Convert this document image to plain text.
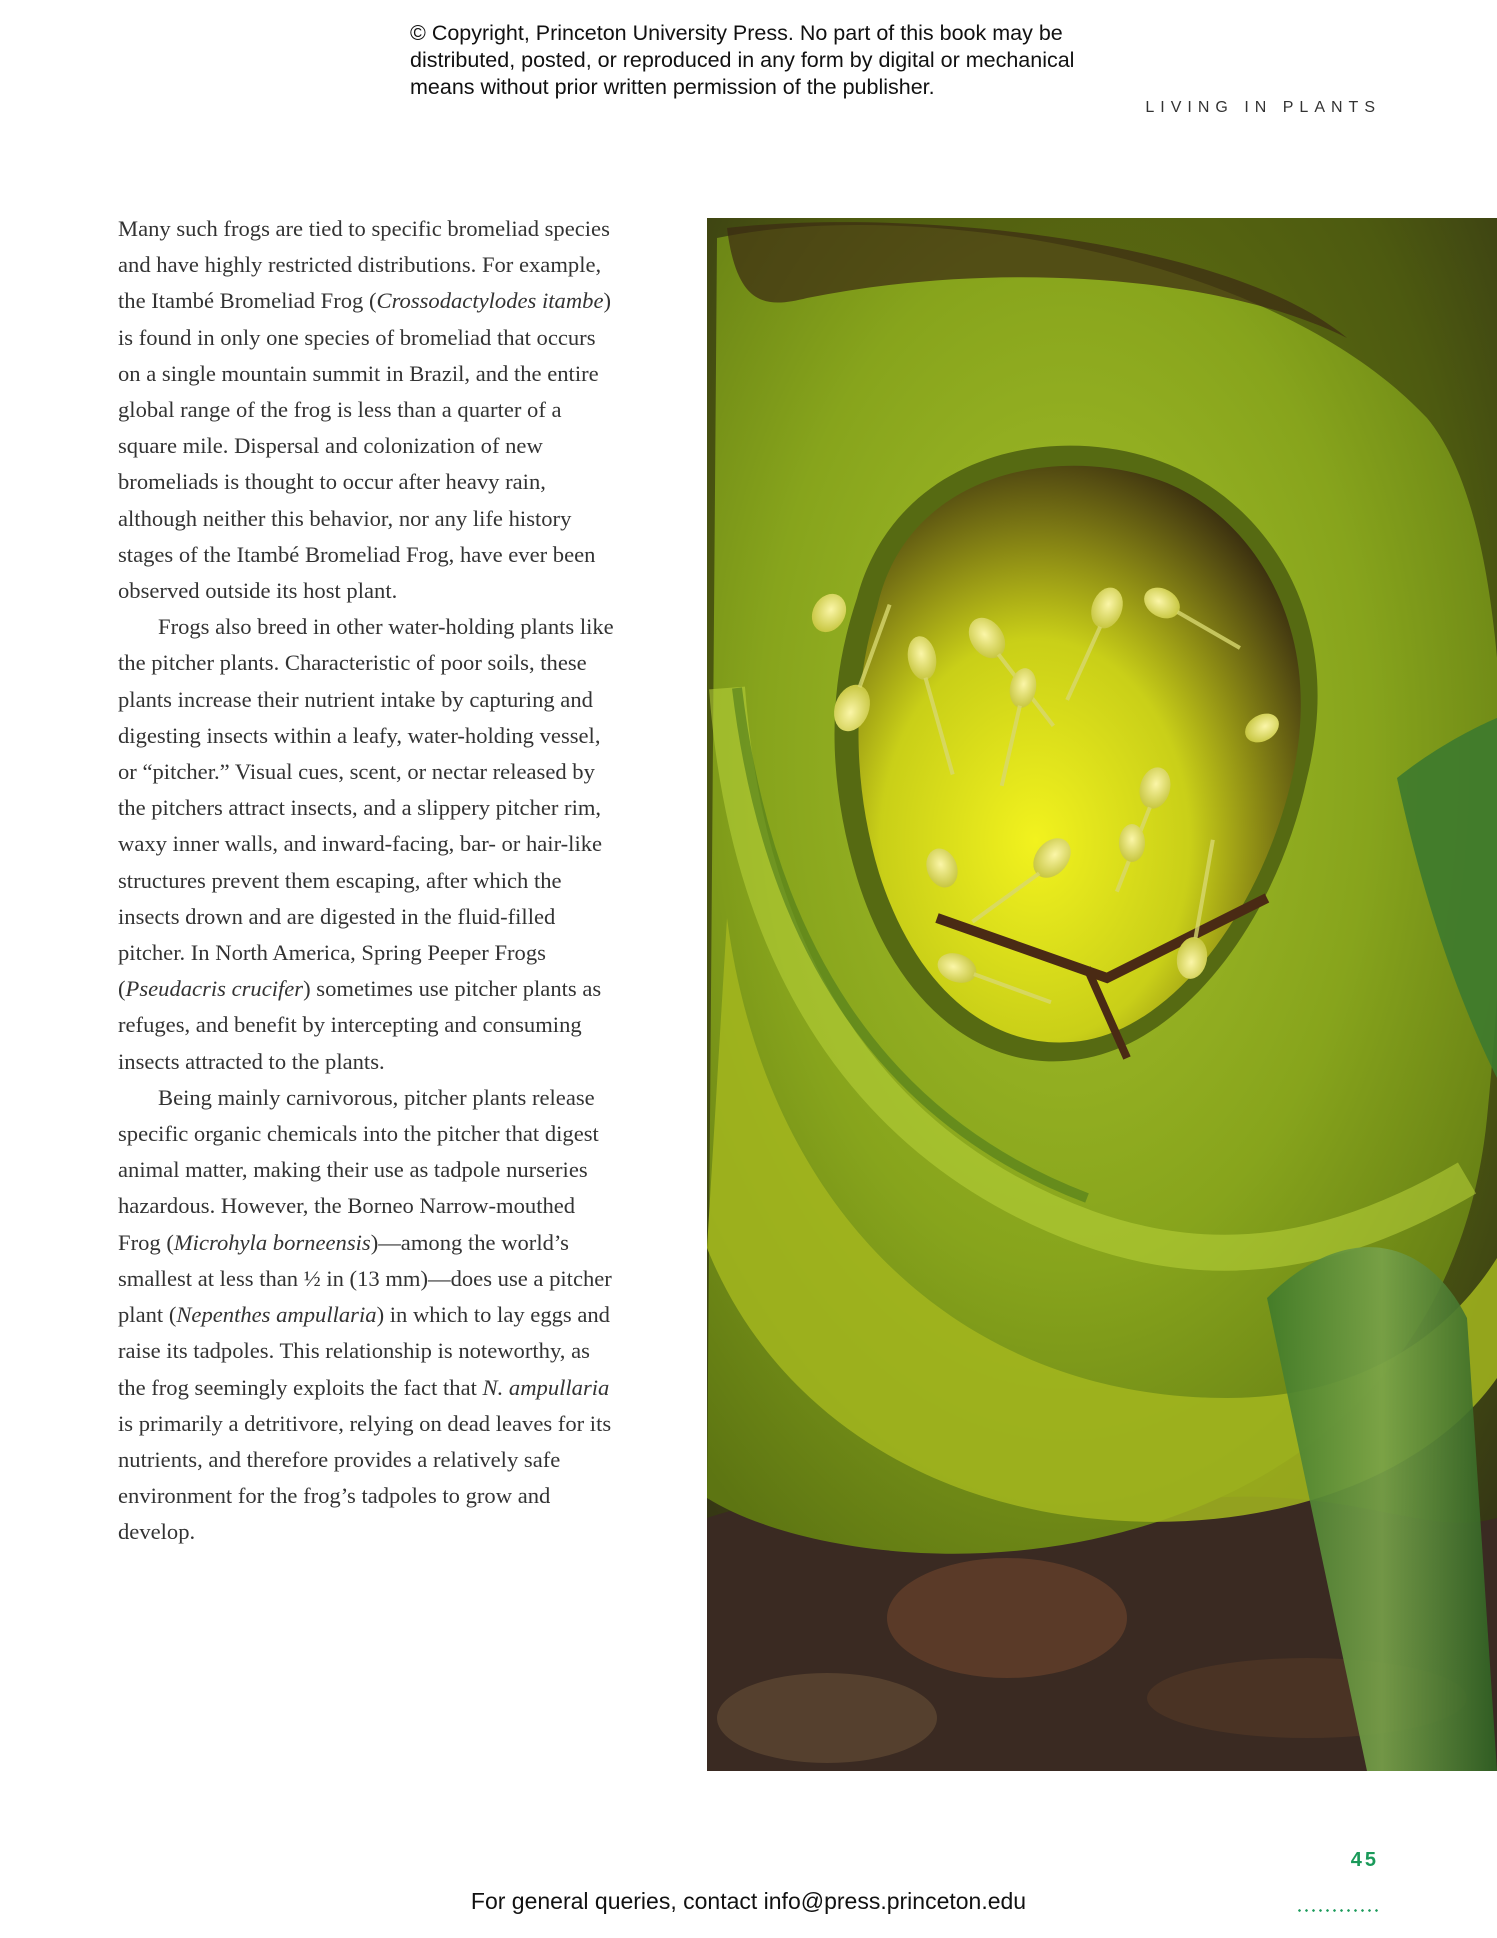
© Copyright, Princeton University Press. No part of this book may be
distributed, posted, or reproduced in any form by digital or mechanical
means without prior written permission of the publisher.
LIVING IN PLANTS

Many such frogs are tied to specific bromeliad species and have highly restricted distributions. For example, the Itambé Bromeliad Frog (Crossodactylodes itambe) is found in only one species of bromeliad that occurs on a single mountain summit in Brazil, and the entire global range of the frog is less than a quarter of a square mile. Dispersal and colonization of new bromeliads is thought to occur after heavy rain, although neither this behavior, nor any life history stages of the Itambé Bromeliad Frog, have ever been observed outside its host plant.

Frogs also breed in other water-holding plants like the pitcher plants. Characteristic of poor soils, these plants increase their nutrient intake by capturing and digesting insects within a leafy, water-holding vessel, or “pitcher.” Visual cues, scent, or nectar released by the pitchers attract insects, and a slippery pitcher rim, waxy inner walls, and inward-facing, bar- or hair-like structures prevent them escaping, after which the insects drown and are digested in the fluid-filled pitcher. In North America, Spring Peeper Frogs (Pseudacris crucifer) sometimes use pitcher plants as refuges, and benefit by intercepting and consuming insects attracted to the plants.

Being mainly carnivorous, pitcher plants release specific organic chemicals into the pitcher that digest animal matter, making their use as tadpole nurseries hazardous. However, the Borneo Narrow-mouthed Frog (Microhyla borneensis)—among the world’s smallest at less than ½ in (13 mm)—does use a pitcher plant (Nepenthes ampullaria) in which to lay eggs and raise its tadpoles. This relationship is noteworthy, as the frog seemingly exploits the fact that N. ampullaria is primarily a detritivore, relying on dead leaves for its nutrients, and therefore provides a relatively safe environment for the frog’s tadpoles to grow and develop.

45
For general queries, contact info@press.princeton.edu
